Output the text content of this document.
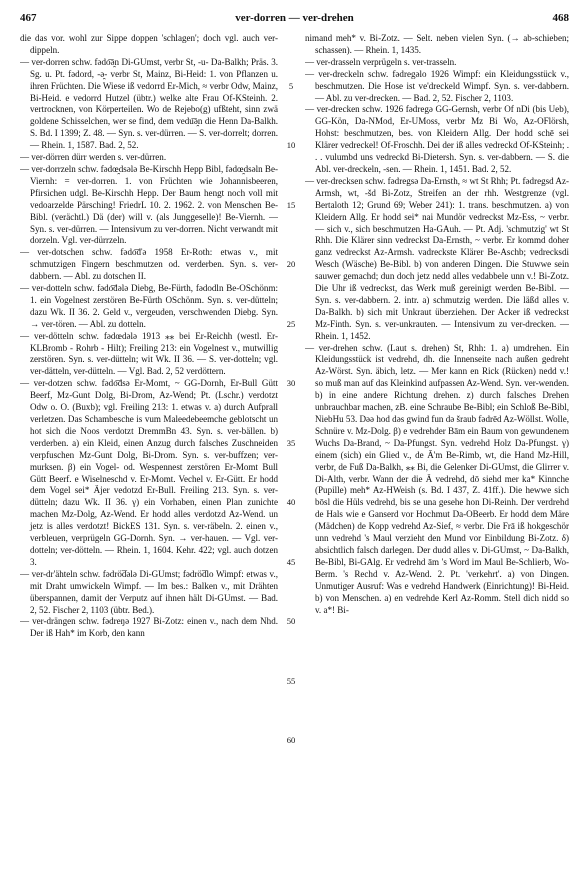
467	ver-dorren — ver-drehen	468

die das vor. wohl zur Sippe doppen 'schlagen'; doch vgl. auch ver-dippeln.

— ver-dorren schw. fədo͞ə̯n Di-GUmst, verbr St, -u- Da-Balkh; Präs. 3. Sg. u. Pt. fədord, -ə̯- verbr St, Mainz, Bi-Heid: 1. von Pflanzen u. ihren Früchten. Die Wiese iß vedorrd Er-Mich, ≈ verbr Odw, Mainz, Bi-Heid. e vedorrd Hutzel (übtr.) welke alte Frau Of-KSteinh. 2. vertrocknen, von Körperteilen. Wo de Rejebo(g) ufßteht, sinn zwä goldene Schisselchen, wer se find, dem vedu͞ə̯n die Henn Da-Balkh. S. Bd. I 1399; Z. 48. — Syn. s. ver-dürren. — S. ver-dorrelt; dorren. — Rhein. 1, 1587. Bad. 2, 52.

— ver-dörren dürr werden s. ver-dürren.

— ver-dorrzeln schw. fədœ̯dsələ Be-Kirschh Hepp Bibl, fədœ̯dsəln Be-Viernh: = ver-dorren. 1. von Früchten wie Johannisbeeren, Pfirsichen udgl. Be-Kirschh Hepp. Der Baum hengt noch voll mit vedoarzelde Pärsching! FriedrL 10. 2. 1962. 2. von Menschen Be-Bibl. (verächtl.) Dä (der) will v. (als Junggeselle)! Be-Viernh. — Syn. s. ver-dürren. — Intensivum zu ver-dorren. Nicht verwandt mit dorzeln. Vgl. ver-dürrzeln.

— ver-dotschen schw. fədo͞ďə 1958 Er-Roth: etwas v., mit schmutzigen Fingern beschmutzen od. verderben. Syn. s. ver-dabbern. — Abl. zu dotschen II.

— ver-dotteln schw. fədo͞dələ Diebg, Be-Fürth, fədodln Be-OSchönm: 1. ein Vogelnest zerstören Be-Fürth OSchönm. Syn. s. ver-dütteln; dazu Wk. II 36. 2. Geld v., vergeuden, verschwenden Diebg. Syn. → ver-tören. — Abl. zu dotteln.

— ver-dötteln schw. fədœdələ 1913 ⁎⁎ bei Er-Reichh (westl. Er-KLBromb - Rohrb - Hilt); Freiling 213: ein Vogelnest v., mutwillig zerstören. Syn. s. ver-dütteln; wit Wk. II 36. — S. ver-dotteln; vgl. ver-dätteln, ver-dütteln. — Vgl. Bad. 2, 52 verdöttern.

— ver-dotzen schw. fədo͞dsə Er-Momt, ~ GG-Dornh, Er-Bull Gütt Beerf, Mz-Gunt Dolg, Bi-Drom, Az-Wend; Pt. (Lschr.) verdotzt Odw o. O. (Buxb); vgl. Freiling 213: 1. etwas v. a) durch Aufprall verletzen. Das Schambesche is vum Maleedebeemche geblotscht un hot sich die Noos verdotzt DremmBn 43. Syn. s. ver-bällen. b) verderben. a) ein Kleid, einen Anzug durch falsches Zuschneiden verpfuschen Mz-Gunt Dolg, Bi-Drom. Syn. s. ver-buffzen; ver-murksen. β) ein Vogel- od. Wespennest zerstören Er-Momt Bull Gütt Beerf. e Wiselneschd v. Er-Momt. Vechel v. Er-Gütt. Er hodd dem Vogel sei* Äjer vedotzd Er-Bull. Freiling 213. Syn. s. ver-dütteln; dazu Wk. II 36. γ) ein Vorhaben, einen Plan zunichte machen Mz-Dolg, Az-Wend. Er hodd alles verdotzd Az-Wend. un jetz is alles verdotzt! BickES 131. Syn. s. ver-räbeln. 2. einen v., verbleuen, verprügeln GG-Dornh. Syn. → ver-hauen. — Vgl. ver-dotteln; ver-dötteln. — Rhein. 1, 1604. Kehr. 422; vgl. auch dotzen 3.

— ver-dr'ähteln schw. fədrö͞dələ Di-GUmst; fədrö͞dlo Wimpf: etwas v., mit Draht umwickeln Wimpf. — Im bes.: Balken v., mit Drähten überspannen, damit der Verputz auf ihnen hält Di-GUmst. — Bad. 2, 52. Fischer 2, 1103 (übtr. Bed.).

— ver-drängen schw. fədreŋə 1927 Bi-Zotz: einen v., nach dem Nhd. Der iß Hah* im Korb, den kann

5
10
15
20
25
30
35
40
45
50
55
60

nimand meh* v. Bi-Zotz. — Selt. neben vielen Syn. (→ ab-schieben; schassen). — Rhein. 1, 1435.

— ver-drasseln verprügeln s. ver-trasseln.

— ver-dreckeln schw. fədregəlo 1926 Wimpf: ein Kleidungsstück v., beschmutzen. Die Hose ist ve'dreckeld Wimpf. Syn. s. ver-dabbern. — Abl. zu ver-drecken. — Bad. 2, 52. Fischer 2, 1103.

— ver-drecken schw. 1926 fədregə GG-Gernsh, verbr Of nDi (bis Ueb), GG-Kön, Da-NMod, Er-UMoss, verbr Mz Bi Wo, Az-OFlörsh, Hohst: beschmutzen, bes. von Kleidern Allg. Der hodd schē sei Klärer vedreckel! Of-Froschh. Dei der iß alles vedreckd Of-KSteinh; . . . vulumbd uns vedreckd Bi-Dietersh. Syn. s. ver-dabbern. — S. die Abl. ver-dreckeln, -sen. — Rhein. 1, 1451. Bad. 2, 52.

— ver-drecksen schw. fədregsə Da-Ernsth, ≈ wt St Rhh; Pt. fədregsd Az-Armsh, wt, -šd Bi-Zotz, Streifen an der rhh. Westgrenze (vgl. Bertaloth 12; Grund 69; Weber 241): 1. trans. beschmutzen. a) von Kleidern Allg. Er hodd sei* nai Mundör vedreckst Mz-Ess, ~ verbr. — sich v., sich beschmutzen Ha-GAuh. — Pt. Adj. 'schmutzig' wt St Rhh. Die Klärer sinn vedreckst Da-Ernsth, ~ verbr. Er kommd doher ganz vedreckst Az-Armsh. vadreckste Klärer Be-Aschb; vedrecksdi Wesch (Wäsche) Be-Bibl. b) von anderen Dingen. Die Stuwwe sein sauwer gemachd; dun doch jetz nedd alles vedabbele unn v.! Bi-Zotz. Die Uhr iß vedreckst, das Werk muß gereinigt werden Be-Bibl. — Syn. s. ver-dabbern. 2. intr. a) schmutzig werden. Die läßd alles v. Da-Balkh. b) sich mit Unkraut überziehen. Der Acker iß vedreckst Mz-Finth. Syn. s. ver-unkrauten. — Intensivum zu ver-drecken. — Rhein. 1, 1452.

— ver-drehen schw. (Laut s. drehen) St, Rhh: 1. a) umdrehen. Ein Kleidungsstück ist vedrehd, dh. die Innenseite nach außen gedreht Az-Wörst. Syn. äbich, letz. — Mer kann en Rick (Rücken) nedd v.! so muß man auf das Kleinkind aufpassen Az-Wend. Syn. ver-wenden. b) in eine andere Richtung drehen. z) durch falsches Drehen unbrauchbar machen, zB. eine Schraube Be-Bibl; ein Schloß Be-Bibl, NiebHu 53. Dəə hod dəs gwind fun də šraub fədrēd Az-Wöllst. Wolle, Schnüre v. Mz-Dolg. β) e vedrehder Bām ein Baum von gewundenem Wuchs Da-Brand, ~ Da-Pfungst. Syn. vedrehd Holz Da-Pfungst. γ) einem (sich) ein Glied v., de Ā'm Be-Rimb, wt, die Hand Mz-Hill, verbr, de Fuß Da-Balkh, ⁎⁎ Bi, die Gelenker Di-GUmst, die Glirrer v. Di-Alth, verbr. Wann der die Ä vedrehd, dō siehd mer ka* Kinnche (Pupille) meh* Az-HWeish (s. Bd. I 437, Z. 41ff.). Die hewwe sich bōsl die Hüls vedrehd, bis se una gesehe hon Di-Reinh. Der verdrehd de Hals wie e Ganserd vor Hochmut Da-OBeerb. Er hodd dem Märe (Mädchen) de Kopp vedrehd Az-Sief, ≈ verbr. Die Frā iß hokgeschör unn vedrehd 's Maul verzieht den Mund vor Einbildung Bi-Zotz. δ) absichtlich falsch darlegen. Der dudd alles v. Di-GUmst, ~ Da-Balkh, Be-Bibl, Bi-GAlg. Er vedrehd ām 's Word im Maul Be-Schlierb, Wo-Berm. 's Rechd v. Az-Wend. 2. Pt. 'verkehrt'. a) von Dingen. Unmutiger Ausruf: Was e vedrehd Handwerk (Einrichtung)! Bi-Heid. b) von Menschen. a) en vedrehde Kerl Az-Romm. Stell dich nidd so v. a*! Bi-
